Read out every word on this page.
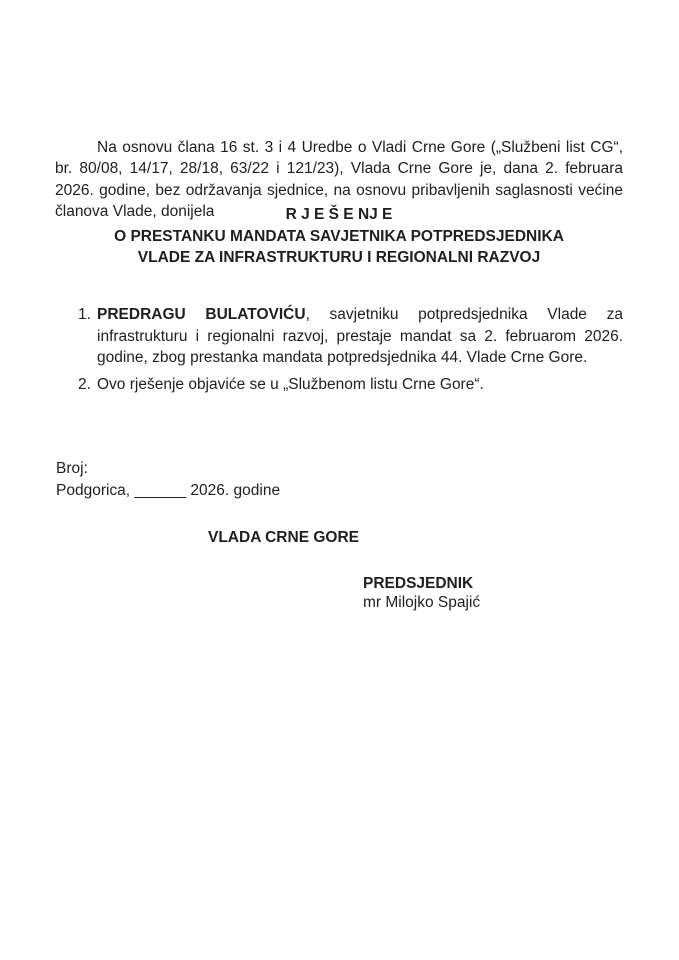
Na osnovu člana 16 st. 3 i 4 Uredbe o Vladi Crne Gore („Službeni list CG“, br. 80/08, 14/17, 28/18, 63/22 i 121/23), Vlada Crne Gore je, dana 2. februara 2026. godine, bez održavanja sjednice, na osnovu pribavljenih saglasnosti većine članova Vlade, donijela	R J E Š E NJ E
O PRESTANKU MANDATA SAVJETNIKA POTPREDSJEDNIKA
VLADE ZA INFRASTRUKTURU I REGIONALNI RAZVOJ
1. PREDRAGU BULATOVIĆU, savjetniku potpredsjednika Vlade za infrastrukturu i regionalni razvoj, prestaje mandat sa 2. februarom 2026. godine, zbog prestanka mandata potpredsjednika 44. Vlade Crne Gore.
2. Ovo rješenje objaviće se u „Službenom listu Crne Gore“.
Broj:
Podgorica, ______ 2026. godine
VLADA CRNE GORE
PREDSJEDNIK
mr Milojko Spajić
